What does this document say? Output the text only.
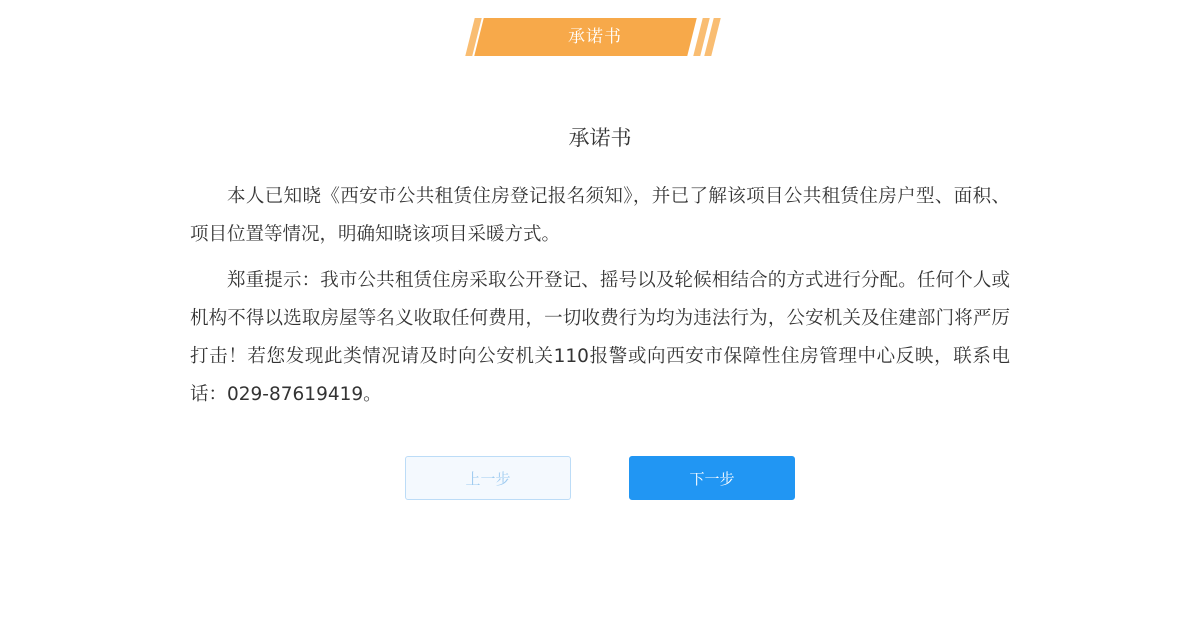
承诺书
承诺书

本人已知晓《西安市公共租赁住房登记报名须知》，并已了解该项目公共租赁住房户型、面积、项目位置等情况，明确知晓该项目采暖方式。

郑重提示：我市公共租赁住房采取公开登记、摇号以及轮候相结合的方式进行分配。任何个人或机构不得以选取房屋等名义收取任何费用，一切收费行为均为违法行为，公安机关及住建部门将严厉打击！若您发现此类情况请及时向公安机关110报警或向西安市保障性住房管理中心反映，联系电话：029-87619419。

上一步	下一步
